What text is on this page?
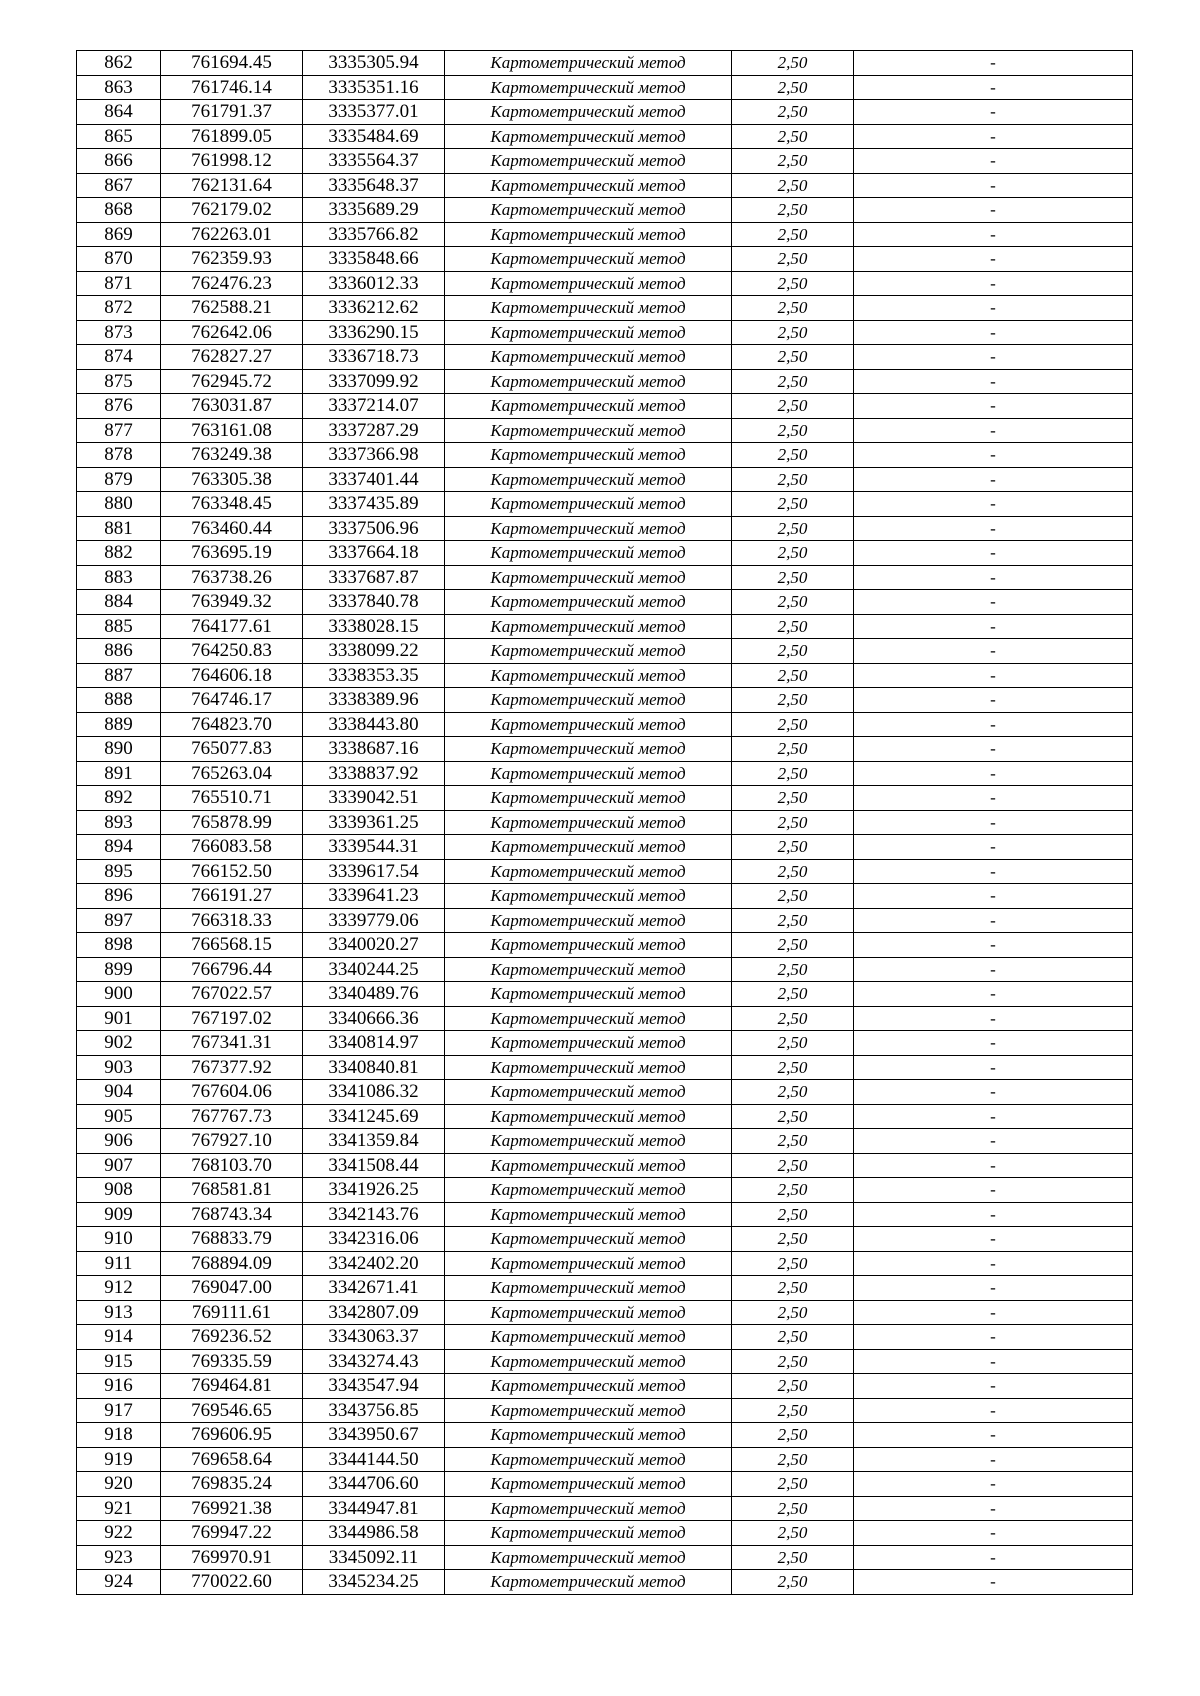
862	761694.45	3335305.94	Картометрический метод	2,50	-
863	761746.14	3335351.16	Картометрический метод	2,50	-
864	761791.37	3335377.01	Картометрический метод	2,50	-
865	761899.05	3335484.69	Картометрический метод	2,50	-
866	761998.12	3335564.37	Картометрический метод	2,50	-
867	762131.64	3335648.37	Картометрический метод	2,50	-
868	762179.02	3335689.29	Картометрический метод	2,50	-
869	762263.01	3335766.82	Картометрический метод	2,50	-
870	762359.93	3335848.66	Картометрический метод	2,50	-
871	762476.23	3336012.33	Картометрический метод	2,50	-
872	762588.21	3336212.62	Картометрический метод	2,50	-
873	762642.06	3336290.15	Картометрический метод	2,50	-
874	762827.27	3336718.73	Картометрический метод	2,50	-
875	762945.72	3337099.92	Картометрический метод	2,50	-
876	763031.87	3337214.07	Картометрический метод	2,50	-
877	763161.08	3337287.29	Картометрический метод	2,50	-
878	763249.38	3337366.98	Картометрический метод	2,50	-
879	763305.38	3337401.44	Картометрический метод	2,50	-
880	763348.45	3337435.89	Картометрический метод	2,50	-
881	763460.44	3337506.96	Картометрический метод	2,50	-
882	763695.19	3337664.18	Картометрический метод	2,50	-
883	763738.26	3337687.87	Картометрический метод	2,50	-
884	763949.32	3337840.78	Картометрический метод	2,50	-
885	764177.61	3338028.15	Картометрический метод	2,50	-
886	764250.83	3338099.22	Картометрический метод	2,50	-
887	764606.18	3338353.35	Картометрический метод	2,50	-
888	764746.17	3338389.96	Картометрический метод	2,50	-
889	764823.70	3338443.80	Картометрический метод	2,50	-
890	765077.83	3338687.16	Картометрический метод	2,50	-
891	765263.04	3338837.92	Картометрический метод	2,50	-
892	765510.71	3339042.51	Картометрический метод	2,50	-
893	765878.99	3339361.25	Картометрический метод	2,50	-
894	766083.58	3339544.31	Картометрический метод	2,50	-
895	766152.50	3339617.54	Картометрический метод	2,50	-
896	766191.27	3339641.23	Картометрический метод	2,50	-
897	766318.33	3339779.06	Картометрический метод	2,50	-
898	766568.15	3340020.27	Картометрический метод	2,50	-
899	766796.44	3340244.25	Картометрический метод	2,50	-
900	767022.57	3340489.76	Картометрический метод	2,50	-
901	767197.02	3340666.36	Картометрический метод	2,50	-
902	767341.31	3340814.97	Картометрический метод	2,50	-
903	767377.92	3340840.81	Картометрический метод	2,50	-
904	767604.06	3341086.32	Картометрический метод	2,50	-
905	767767.73	3341245.69	Картометрический метод	2,50	-
906	767927.10	3341359.84	Картометрический метод	2,50	-
907	768103.70	3341508.44	Картометрический метод	2,50	-
908	768581.81	3341926.25	Картометрический метод	2,50	-
909	768743.34	3342143.76	Картометрический метод	2,50	-
910	768833.79	3342316.06	Картометрический метод	2,50	-
911	768894.09	3342402.20	Картометрический метод	2,50	-
912	769047.00	3342671.41	Картометрический метод	2,50	-
913	769111.61	3342807.09	Картометрический метод	2,50	-
914	769236.52	3343063.37	Картометрический метод	2,50	-
915	769335.59	3343274.43	Картометрический метод	2,50	-
916	769464.81	3343547.94	Картометрический метод	2,50	-
917	769546.65	3343756.85	Картометрический метод	2,50	-
918	769606.95	3343950.67	Картометрический метод	2,50	-
919	769658.64	3344144.50	Картометрический метод	2,50	-
920	769835.24	3344706.60	Картометрический метод	2,50	-
921	769921.38	3344947.81	Картометрический метод	2,50	-
922	769947.22	3344986.58	Картометрический метод	2,50	-
923	769970.91	3345092.11	Картометрический метод	2,50	-
924	770022.60	3345234.25	Картометрический метод	2,50	-
